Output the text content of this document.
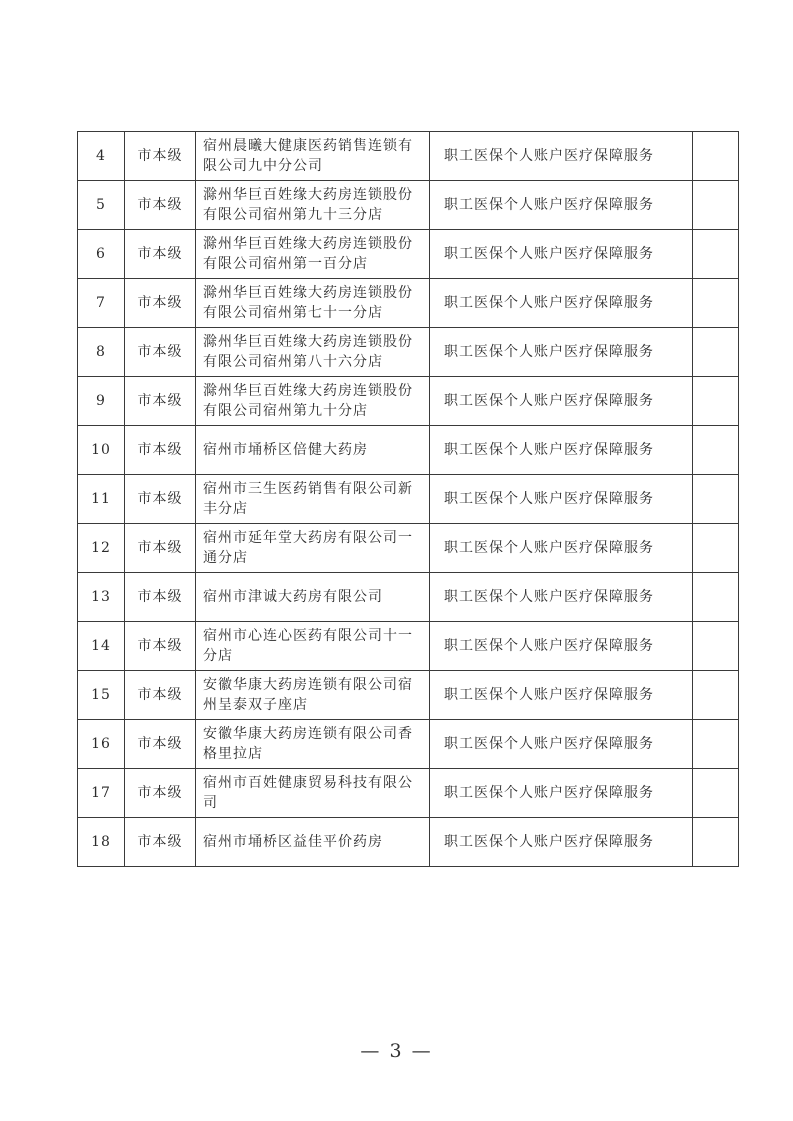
4	市本级	宿州晨曦大健康医药销售连锁有限公司九中分公司	职工医保个人账户医疗保障服务	
5	市本级	滁州华巨百姓缘大药房连锁股份有限公司宿州第九十三分店	职工医保个人账户医疗保障服务	
6	市本级	滁州华巨百姓缘大药房连锁股份有限公司宿州第一百分店	职工医保个人账户医疗保障服务	
7	市本级	滁州华巨百姓缘大药房连锁股份有限公司宿州第七十一分店	职工医保个人账户医疗保障服务	
8	市本级	滁州华巨百姓缘大药房连锁股份有限公司宿州第八十六分店	职工医保个人账户医疗保障服务	
9	市本级	滁州华巨百姓缘大药房连锁股份有限公司宿州第九十分店	职工医保个人账户医疗保障服务	
10	市本级	宿州市埇桥区倍健大药房	职工医保个人账户医疗保障服务	
11	市本级	宿州市三生医药销售有限公司新丰分店	职工医保个人账户医疗保障服务	
12	市本级	宿州市延年堂大药房有限公司一通分店	职工医保个人账户医疗保障服务	
13	市本级	宿州市津诚大药房有限公司	职工医保个人账户医疗保障服务	
14	市本级	宿州市心连心医药有限公司十一分店	职工医保个人账户医疗保障服务	
15	市本级	安徽华康大药房连锁有限公司宿州呈泰双子座店	职工医保个人账户医疗保障服务	
16	市本级	安徽华康大药房连锁有限公司香格里拉店	职工医保个人账户医疗保障服务	
17	市本级	宿州市百姓健康贸易科技有限公司	职工医保个人账户医疗保障服务	
18	市本级	宿州市埇桥区益佳平价药房	职工医保个人账户医疗保障服务	
— 3 —
